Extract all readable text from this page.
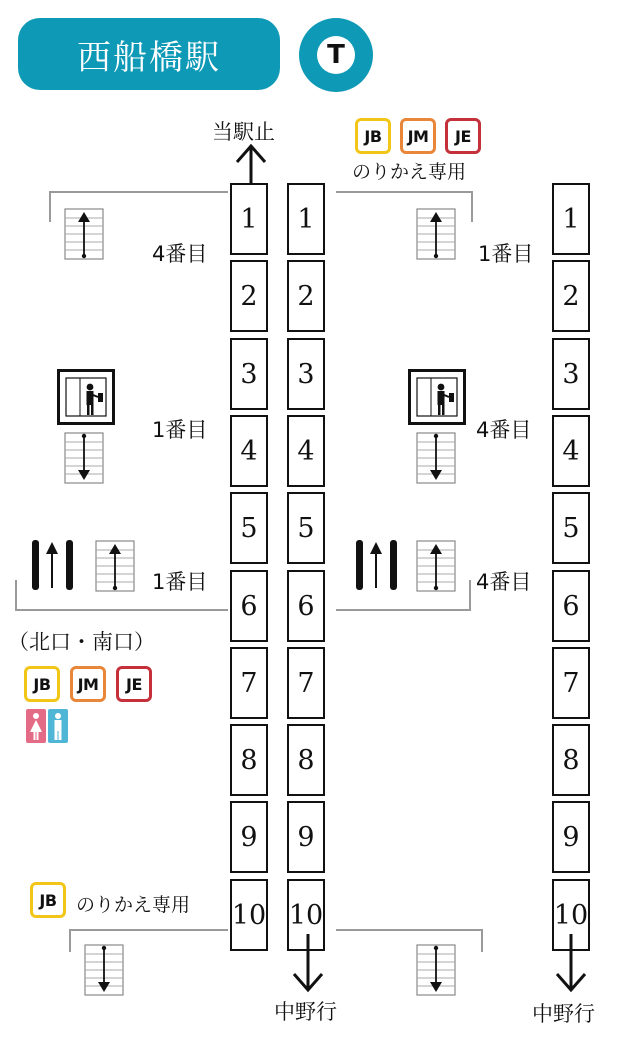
西船橋駅	T
当駅止	JB	JM	JE
のりかえ専用
1
2
3
4
5
6
7
8
9
10
1
2
3
4
5
6
7
8
9
10
1
2
3
4
5
6
7
8
9
10
4番目	1番目
1番目	4番目
1番目	4番目
（北口・南口）
JB	JM	JE
JB	のりかえ専用
中野行	中野行
